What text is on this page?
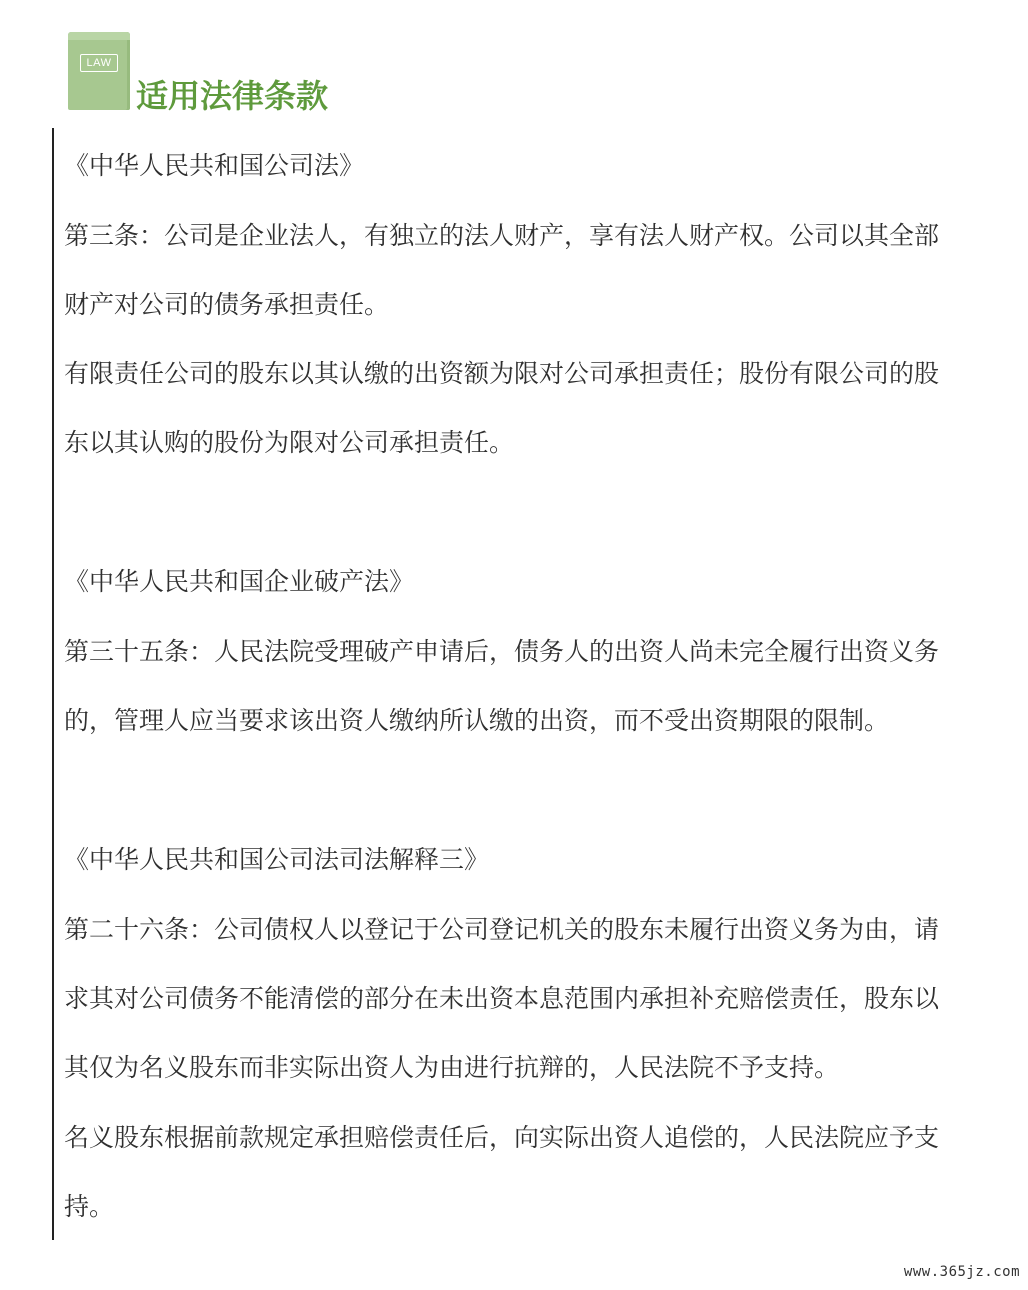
LAW
适用法律条款
《中华人民共和国公司法》
第三条：公司是企业法人，有独立的法人财产，享有法人财产权。公司以其全部
财产对公司的债务承担责任。
有限责任公司的股东以其认缴的出资额为限对公司承担责任；股份有限公司的股
东以其认购的股份为限对公司承担责任。
《中华人民共和国企业破产法》
第三十五条：人民法院受理破产申请后，债务人的出资人尚未完全履行出资义务
的，管理人应当要求该出资人缴纳所认缴的出资，而不受出资期限的限制。
《中华人民共和国公司法司法解释三》
第二十六条：公司债权人以登记于公司登记机关的股东未履行出资义务为由，请
求其对公司债务不能清偿的部分在未出资本息范围内承担补充赔偿责任，股东以
其仅为名义股东而非实际出资人为由进行抗辩的，人民法院不予支持。
名义股东根据前款规定承担赔偿责任后，向实际出资人追偿的，人民法院应予支
持。
www.365jz.com
